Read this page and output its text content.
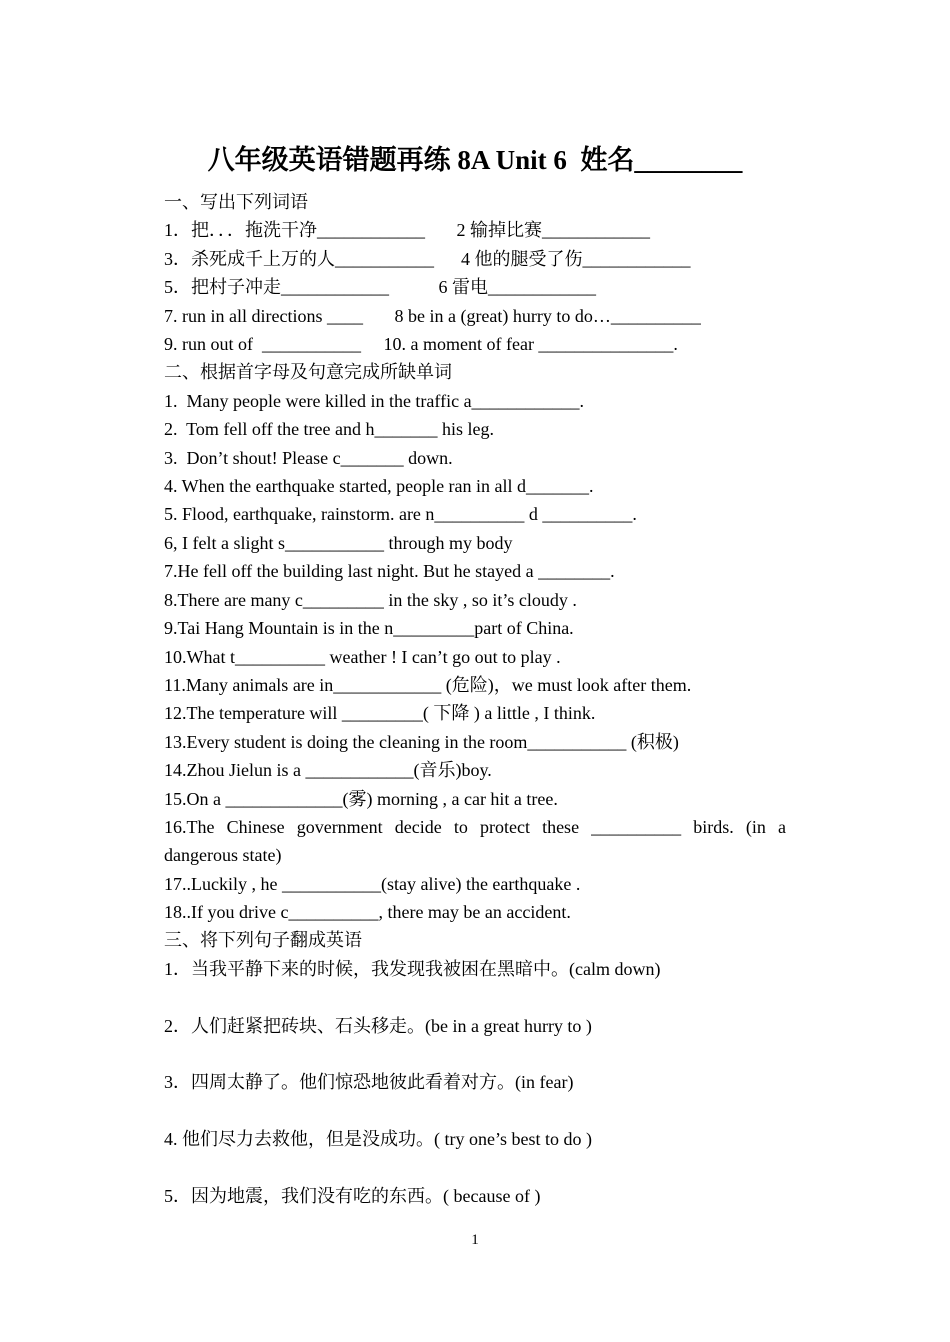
八年级英语错题再练 8A Unit 6  姓名________
一、写出下列词语
1．把．．．拖洗干净____________       2 输掉比赛____________
3．杀死成千上万的人___________      4 他的腿受了伤____________
5．把村子冲走____________           6 雷电____________
7. run in all directions ____       8 be in a (great) hurry to do…__________
9. run out of  ___________     10. a moment of fear _______________.
二、根据首字母及句意完成所缺单词
1.  Many people were killed in the traffic a____________.
2.  Tom fell off the tree and h_______ his leg.
3.  Don’t shout! Please c_______ down.
4. When the earthquake started, people ran in all d_______.
5. Flood, earthquake, rainstorm. are n__________ d __________.
6, I felt a slight s___________ through my body
7.He fell off the building last night. But he stayed a ________.
8.There are many c_________ in the sky , so it’s cloudy .
9.Tai Hang Mountain is in the n_________part of China.
10.What t__________ weather ! I can’t go out to play .
11.Many animals are in____________ (危险)，we must look after them.
12.The temperature will _________( 下降 ) a little , I think.
13.Every student is doing the cleaning in the room___________ (积极)
14.Zhou Jielun is a ____________(音乐)boy.
15.On a _____________(雾) morning , a car hit a tree.
16.The Chinese government decide to protect these __________ birds. (in a
dangerous state)
17..Luckily , he ___________(stay alive) the earthquake .
18..If you drive c__________, there may be an accident.
三、将下列句子翻成英语
1．当我平静下来的时候，我发现我被困在黑暗中。(calm down)
2．人们赶紧把砖块、石头移走。(be in a great hurry to )
3．四周太静了。他们惊恐地彼此看着对方。(in fear)
4. 他们尽力去救他，但是没成功。( try one’s best to do )
5．因为地震，我们没有吃的东西。( because of )
1
